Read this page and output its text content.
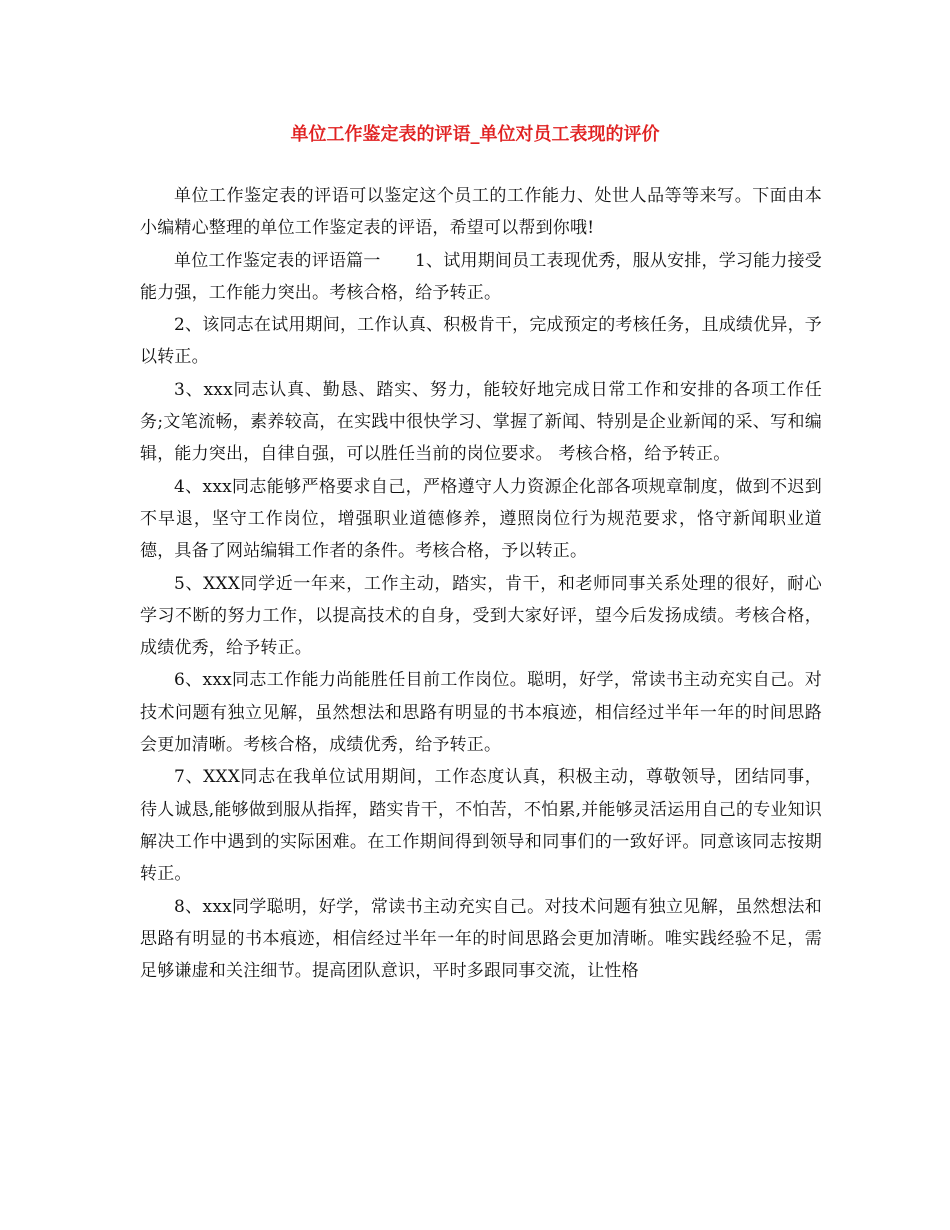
单位工作鉴定表的评语_单位对员工表现的评价

单位工作鉴定表的评语可以鉴定这个员工的工作能力、处世人品等等来写。下面由本小编精心整理的单位工作鉴定表的评语，希望可以帮到你哦!

单位工作鉴定表的评语篇一　　1、试用期间员工表现优秀，服从安排，学习能力接受能力强，工作能力突出。考核合格，给予转正。

2、该同志在试用期间，工作认真、积极肯干，完成预定的考核任务，且成绩优异，予以转正。

3、xxx同志认真、勤恳、踏实、努力，能较好地完成日常工作和安排的各项工作任务;文笔流畅，素养较高，在实践中很快学习、掌握了新闻、特别是企业新闻的采、写和编辑，能力突出，自律自强，可以胜任当前的岗位要求。 考核合格，给予转正。

4、xxx同志能够严格要求自己，严格遵守人力资源企化部各项规章制度，做到不迟到不早退，坚守工作岗位，增强职业道德修养，遵照岗位行为规范要求，恪守新闻职业道德，具备了网站编辑工作者的条件。考核合格，予以转正。

5、XXX同学近一年来，工作主动，踏实，肯干，和老师同事关系处理的很好，耐心学习不断的努力工作，以提高技术的自身，受到大家好评，望今后发扬成绩。考核合格，成绩优秀，给予转正。

6、xxx同志工作能力尚能胜任目前工作岗位。聪明，好学，常读书主动充实自己。对技术问题有独立见解，虽然想法和思路有明显的书本痕迹，相信经过半年一年的时间思路会更加清晰。考核合格，成绩优秀，给予转正。

7、XXX同志在我单位试用期间，工作态度认真，积极主动，尊敬领导，团结同事，待人诚恳,能够做到服从指挥，踏实肯干，不怕苦，不怕累,并能够灵活运用自己的专业知识解决工作中遇到的实际困难。在工作期间得到领导和同事们的一致好评。同意该同志按期转正。

8、xxx同学聪明，好学，常读书主动充实自己。对技术问题有独立见解，虽然想法和思路有明显的书本痕迹，相信经过半年一年的时间思路会更加清晰。唯实践经验不足，需足够谦虚和关注细节。提高团队意识，平时多跟同事交流，让性格
